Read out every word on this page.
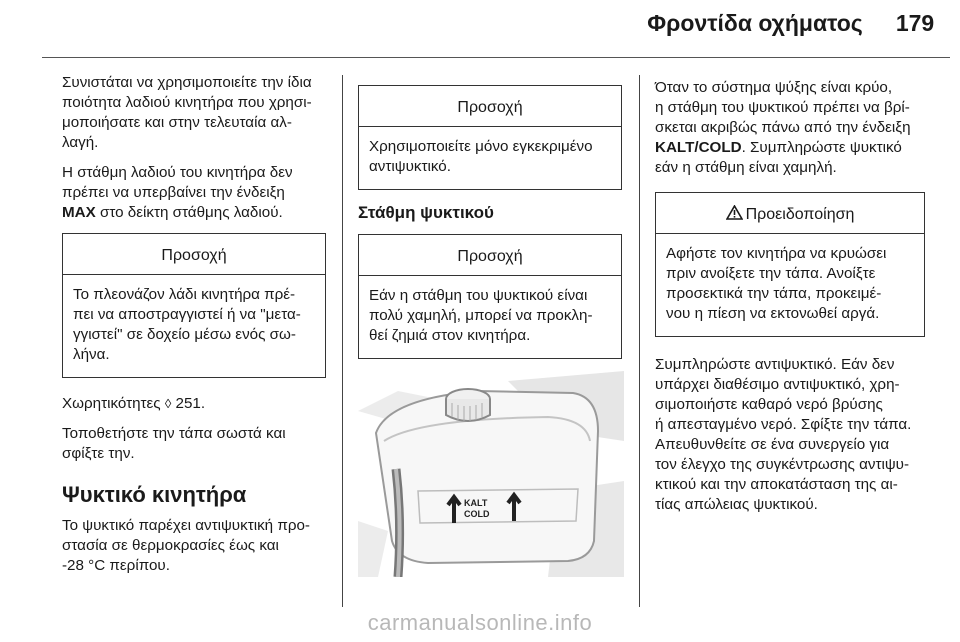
Φροντίδα οχήματος	179

Συνιστάται να χρησιμοποιείτε την ίδια
ποιότητα λαδιού κινητήρα που χρησι-
μοποιήσατε και στην τελευταία αλ-
λαγή.

Η στάθμη λαδιού του κινητήρα δεν
πρέπει να υπερβαίνει την ένδειξη
MAX στο δείκτη στάθμης λαδιού.

Προσοχή
Το πλεονάζον λάδι κινητήρα πρέ-
πει να αποστραγγιστεί ή να "μετα-
γγιστεί" σε δοχείο μέσω ενός σω-
λήνα.

Χωρητικότητες ◊ 251.

Τοποθετήστε την τάπα σωστά και
σφίξτε την.

Ψυκτικό κινητήρα

Το ψυκτικό παρέχει αντιψυκτική προ-
στασία σε θερμοκρασίες έως και
-28 °C περίπου.

Προσοχή
Χρησιμοποιείτε μόνο εγκεκριμένο
αντιψυκτικό.
Στάθμη ψυκτικού
Προσοχή
Εάν η στάθμη του ψυκτικού είναι
πολύ χαμηλή, μπορεί να προκλη-
θεί ζημιά στον κινητήρα.
KALT
COLD

Όταν το σύστημα ψύξης είναι κρύο,
η στάθμη του ψυκτικού πρέπει να βρί-
σκεται ακριβώς πάνω από την ένδειξη
KALT/COLD. Συμπληρώστε ψυκτικό
εάν η στάθμη είναι χαμηλή.

Προειδοποίηση
Αφήστε τον κινητήρα να κρυώσει
πριν ανοίξετε την τάπα. Ανοίξτε
προσεκτικά την τάπα, προκειμέ-
νου η πίεση να εκτονωθεί αργά.

Συμπληρώστε αντιψυκτικό. Εάν δεν
υπάρχει διαθέσιμο αντιψυκτικό, χρη-
σιμοποιήστε καθαρό νερό βρύσης
ή απεσταγμένο νερό. Σφίξτε την τάπα.
Απευθυνθείτε σε ένα συνεργείο για
τον έλεγχο της συγκέντρωσης αντιψυ-
κτικού και την αποκατάσταση της αι-
τίας απώλειας ψυκτικού.

carmanualsonline.info
